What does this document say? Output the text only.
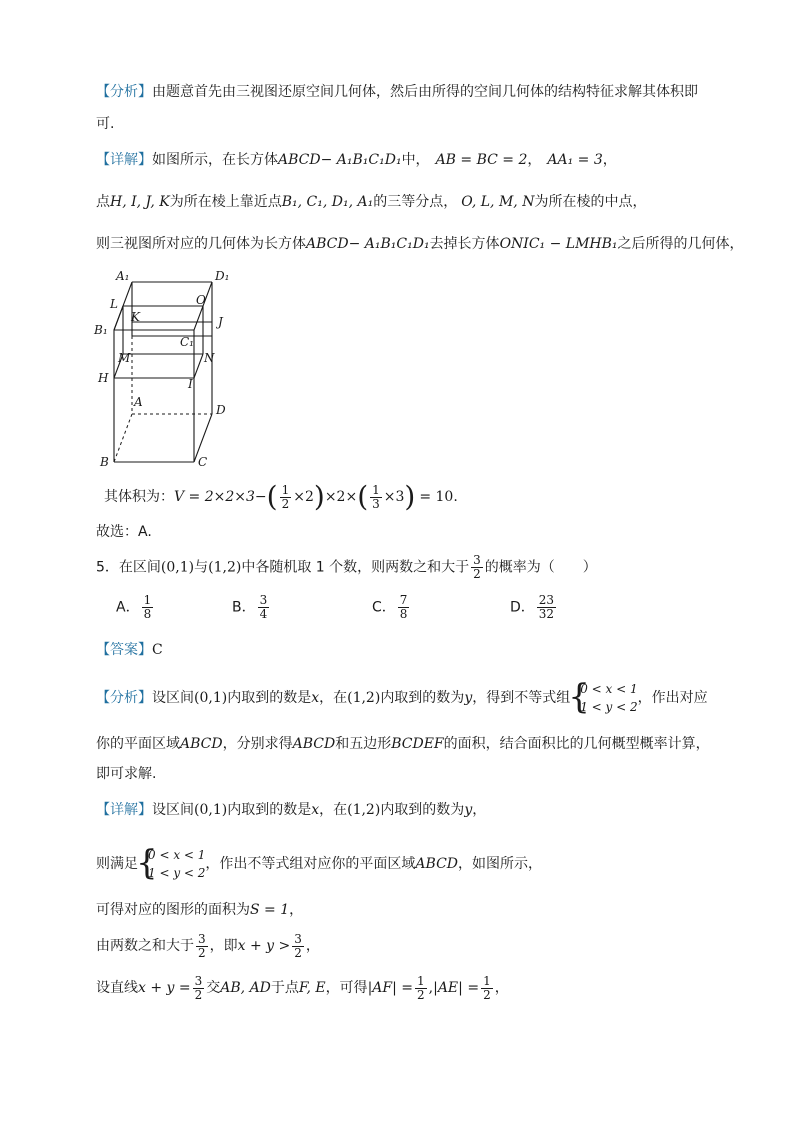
【分析】由题意首先由三视图还原空间几何体，然后由所得的空间几何体的结构特征求解其体积即
可.
【详解】如图所示，在长方体ABCD− A₁B₁C₁D₁中， AB = BC = 2， AA₁ = 3，
点H, I, J, K为所在棱上靠近点B₁, C₁, D₁, A₁的三等分点， O, L, M, N为所在棱的中点，
则三视图所对应的几何体为长方体ABCD− A₁B₁C₁D₁去掉长方体ONIC₁ − LMHB₁之后所得的几何体，
A₁	D₁
L	O
B₁
K	J
C₁
M	N
H	I
A
D
B	C
其体积为：$V = 2\times 2\times 3-( \frac{1}{2} \times 2)\times 2\times( \frac{1}{3} \times 3) = 10$.
故选：A.
5．在区间(0,1)与(1,2)中各随机取 1 个数，则两数之和大于 $\frac{3}{2}$ 的概率为（　　）
A． $\frac{1}{8}$	B． $\frac{3}{4}$	C． $\frac{7}{8}$	D． $\frac{23}{32}$
【答案】C
【分析】设区间(0,1)内取到的数是x，在(1,2)内取到的数为y，得到不等式组
{
0 < x < 1
1 < y < 2
，作出对应
你的平面区域ABCD，分别求得ABCD和五边形BCDEF的面积，结合面积比的几何概型概率计算，
即可求解.
【详解】设区间(0,1)内取到的数是x，在(1,2)内取到的数为y，
则满足
{
0 < x < 1
1 < y < 2
，作出不等式组对应你的平面区域ABCD，如图所示，
可得对应的图形的面积为S = 1，
由两数之和大于 $\frac{3}{2}$ ，即$x + y > \frac{3}{2}$ ，
设直线$x + y = \frac{3}{2}$ 交AB, AD于点F, E，可得$|AF| = \frac{1}{2} ,|AE| = \frac{1}{2}$ ，
